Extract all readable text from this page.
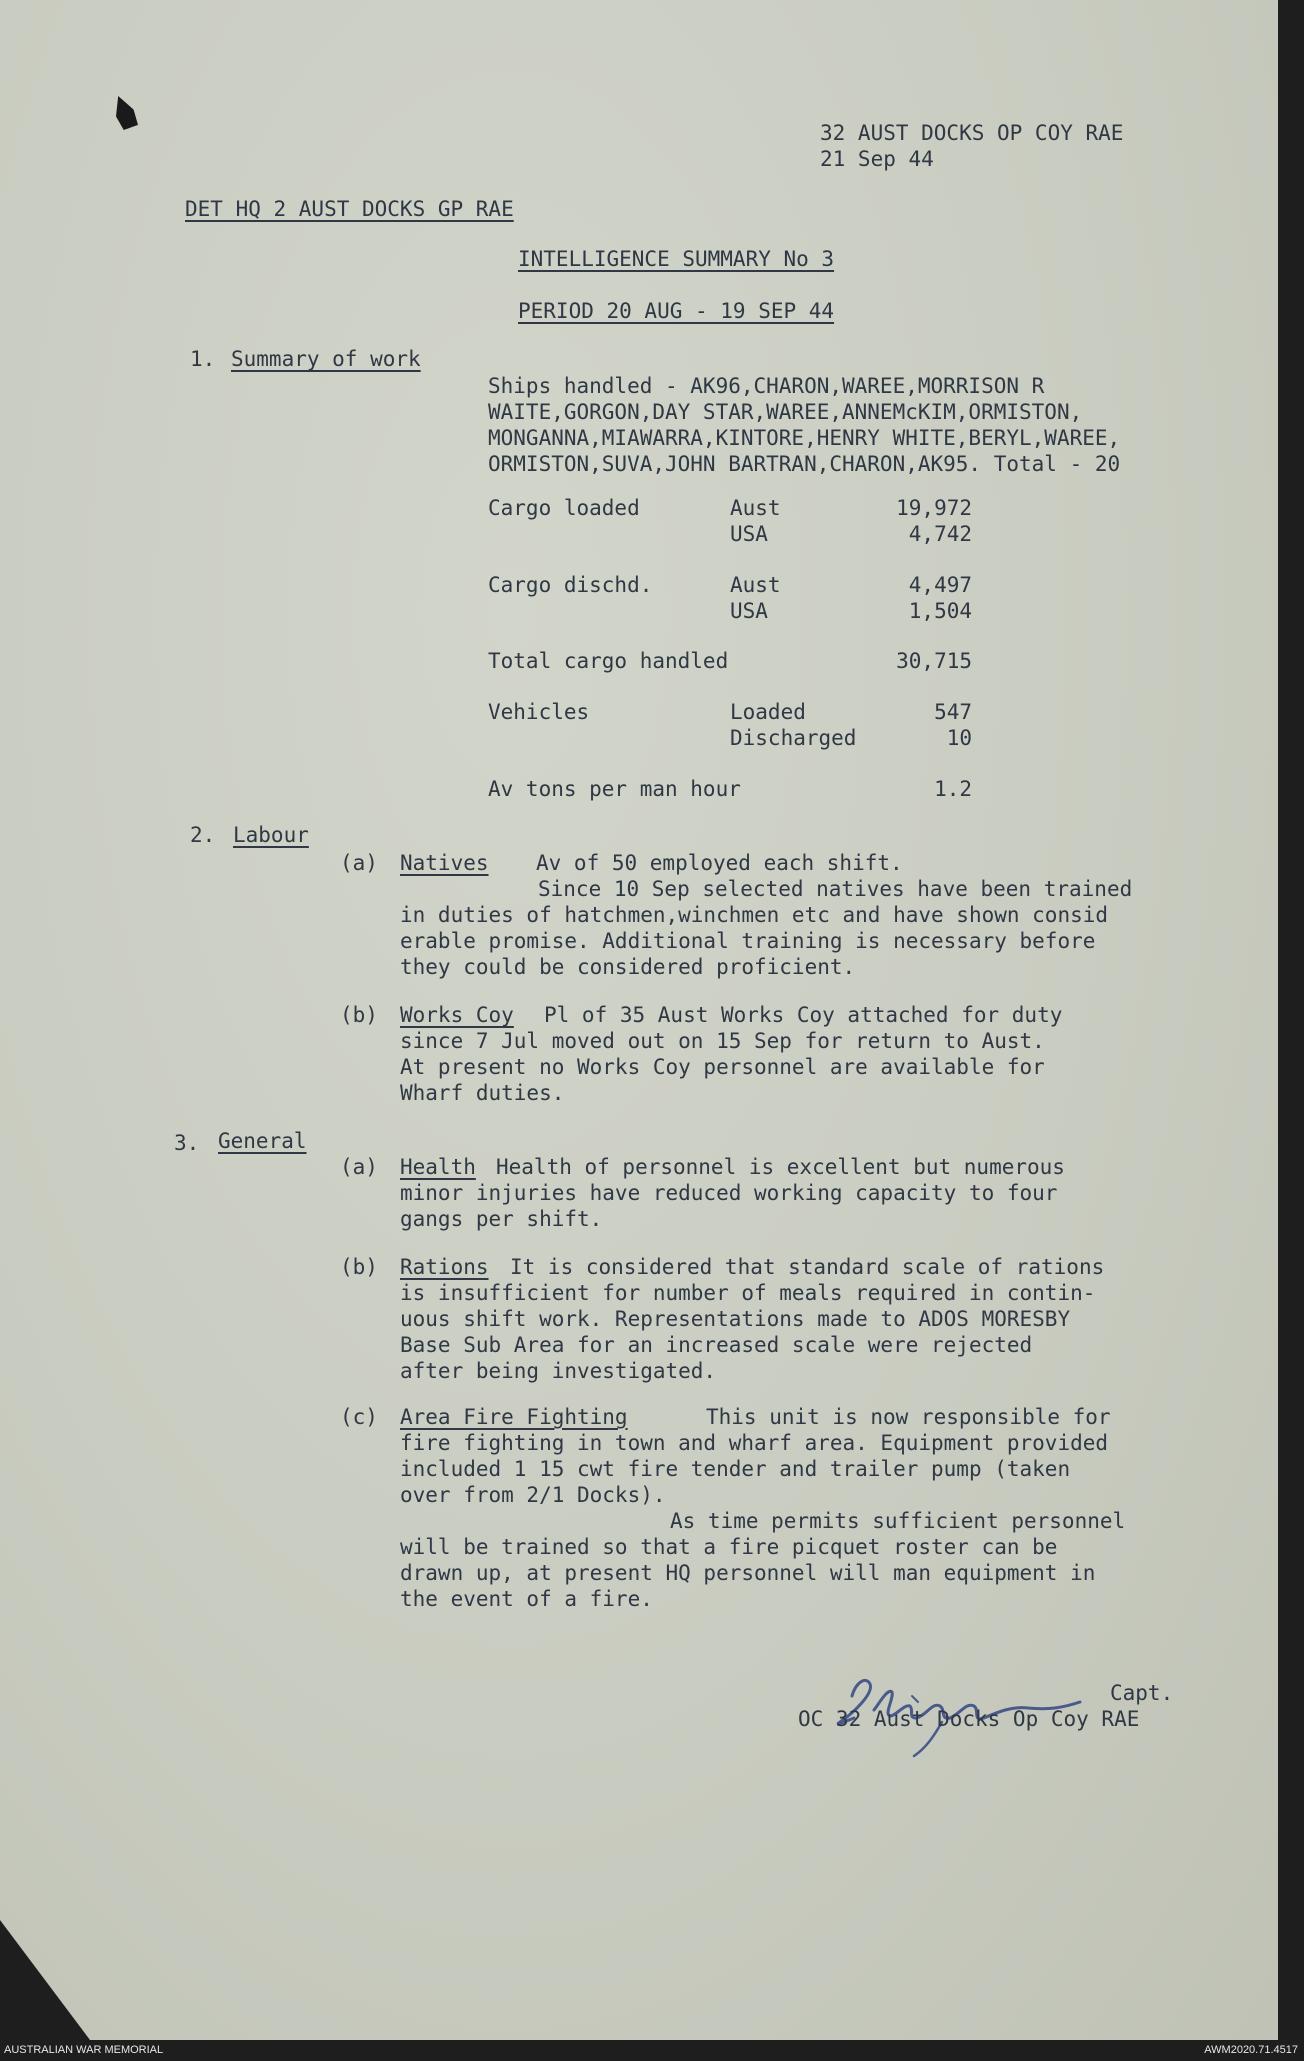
32 AUST DOCKS OP COY RAE
21 Sep 44
DET HQ 2 AUST DOCKS GP RAE
INTELLIGENCE SUMMARY No 3
PERIOD 20 AUG - 19 SEP 44
1. Summary of work
Ships handled - AK96,CHARON,WAREE,MORRISON R
WAITE,GORGON,DAY STAR,WAREE,ANNEMcKIM,ORMISTON,
MONGANNA,MIAWARRA,KINTORE,HENRY WHITE,BERYL,WAREE,
ORMISTON,SUVA,JOHN BARTRAN,CHARON,AK95. Total - 20
Cargo loaded	Aust	19,972
USA	4,742
Cargo dischd.	Aust	4,497
USA	1,504
Total cargo handled	30,715
Vehicles	Loaded	547
Discharged	10
Av tons per man hour	1.2
2. Labour
(a) Natives Av of 50 employed each shift.
Since 10 Sep selected natives have been trained
in duties of hatchmen,winchmen etc and have shown consid
erable promise. Additional training is necessary before
they could be considered proficient.
(b) Works Coy Pl of 35 Aust Works Coy attached for duty
since 7 Jul moved out on 15 Sep for return to Aust.
At present no Works Coy personnel are available for
Wharf duties.
3. General
(a) Health Health of personnel is excellent but numerous
minor injuries have reduced working capacity to four
gangs per shift.
(b) Rations It is considered that standard scale of rations
is insufficient for number of meals required in contin-
uous shift work. Representations made to ADOS MORESBY
Base Sub Area for an increased scale were rejected
after being investigated.
(c) Area Fire Fighting	This unit is now responsible for
fire fighting in town and wharf area. Equipment provided
included 1 15 cwt fire tender and trailer pump (taken
over from 2/1 Docks).
As time permits sufficient personnel
will be trained so that a fire picquet roster can be
drawn up, at present HQ personnel will man equipment in
the event of a fire.
Capt.
OC 32 Aust Docks Op Coy RAE
AUSTRALIAN WAR MEMORIAL	AWM2020.71.4517
